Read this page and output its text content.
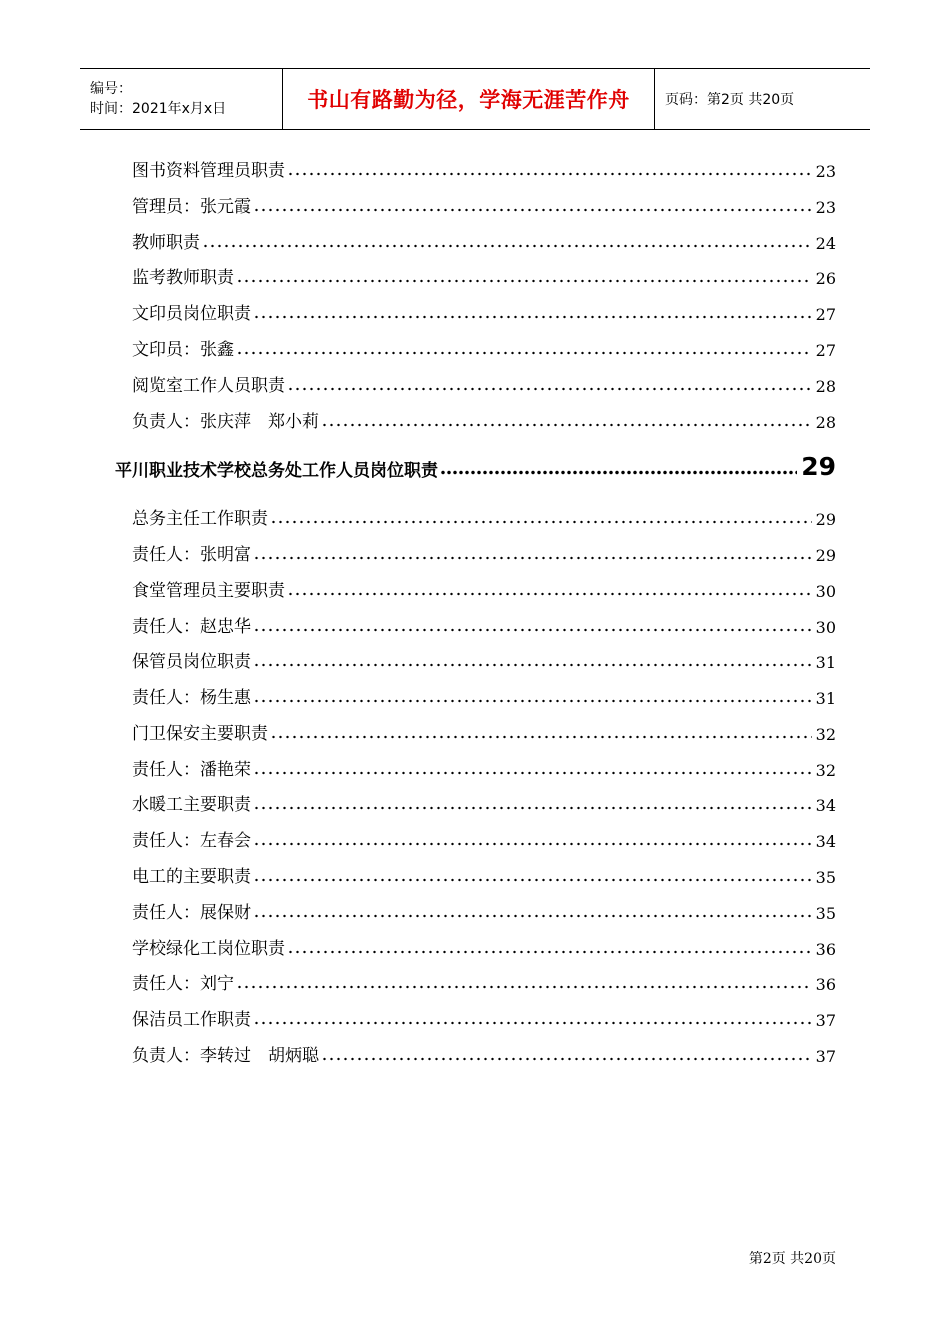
编号：
时间：2021年x月x日	书山有路勤为径，学海无涯苦作舟	页码：第2页 共20页
图书资料管理员职责	23
管理员：张元霞	23
教师职责	24
监考教师职责	26
文印员岗位职责	27
文印员：张鑫	27
阅览室工作人员职责	28
负责人：张庆萍　郑小莉	28
平川职业技术学校总务处工作人员岗位职责	29
总务主任工作职责	29
责任人：张明富	29
食堂管理员主要职责	30
责任人：赵忠华	30
保管员岗位职责	31
责任人：杨生惠	31
门卫保安主要职责	32
责任人：潘艳荣	32
水暖工主要职责	34
责任人：左春会	34
电工的主要职责	35
责任人：展保财	35
学校绿化工岗位职责	36
责任人：刘宁	36
保洁员工作职责	37
负责人：李转过　胡炳聪	37
第2页 共20页
